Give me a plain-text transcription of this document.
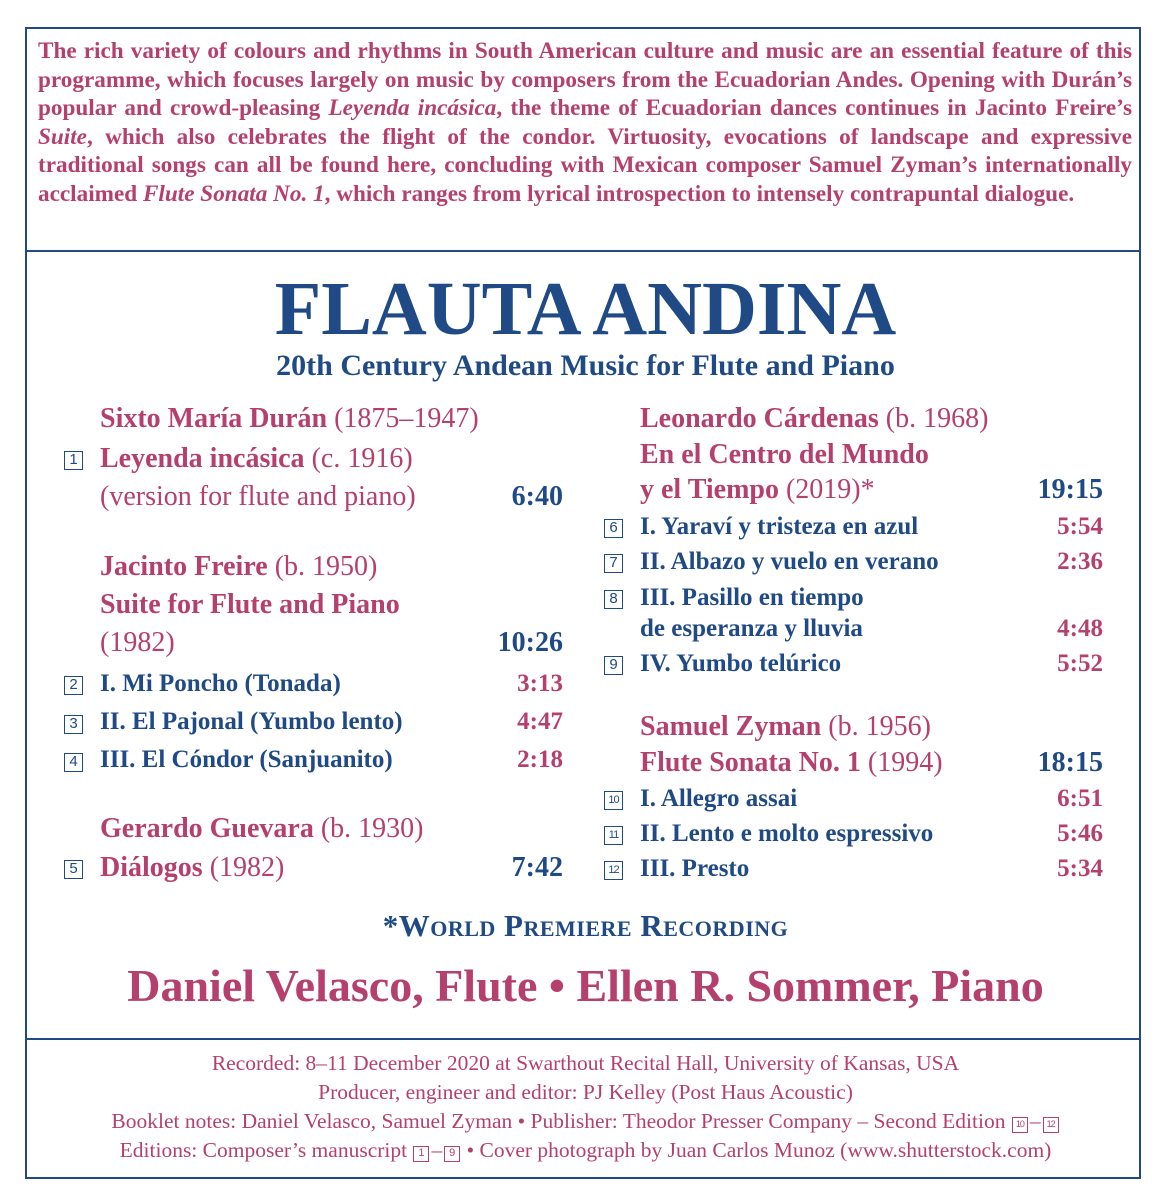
The rich variety of colours and rhythms in South American culture and music are an essential feature of this programme, which focuses largely on music by composers from the Ecuadorian Andes. Opening with Durán’s popular and crowd-pleasing Leyenda incásica, the theme of Ecuadorian dances continues in Jacinto Freire’s Suite, which also celebrates the flight of the condor. Virtuosity, evocations of landscape and expressive traditional songs can all be found here, concluding with Mexican composer Samuel Zyman’s internationally acclaimed Flute Sonata No. 1, which ranges from lyrical introspection to intensely contrapuntal dialogue.

FLAUTA ANDINA
20th Century Andean Music for Flute and Piano
Sixto María Durán (1875–1947)
1 Leyenda incásica (c. 1916)
(version for flute and piano)	6:40
Jacinto Freire (b. 1950)
Suite for Flute and Piano
(1982)	10:26
2 I. Mi Poncho (Tonada)	3:13
3 II. El Pajonal (Yumbo lento)	4:47
4 III. El Cóndor (Sanjuanito)	2:18
Gerardo Guevara (b. 1930)
5 Diálogos (1982)	7:42
Leonardo Cárdenas (b. 1968)
En el Centro del Mundo
y el Tiempo (2019)*	19:15
6 I. Yaraví y tristeza en azul	5:54
7 II. Albazo y vuelo en verano	2:36
8 III. Pasillo en tiempo
de esperanza y lluvia	4:48
9 IV. Yumbo telúrico	5:52
Samuel Zyman (b. 1956)
Flute Sonata No. 1 (1994)	18:15
10 I. Allegro assai	6:51
11 II. Lento e molto espressivo	5:46
12 III. Presto	5:34
*World Premiere Recording
Daniel Velasco, Flute • Ellen R. Sommer, Piano
Recorded: 8–11 December 2020 at Swarthout Recital Hall, University of Kansas, USA
Producer, engineer and editor: PJ Kelley (Post Haus Acoustic)
Booklet notes: Daniel Velasco, Samuel Zyman • Publisher: Theodor Presser Company – Second Edition 10 – 12
Editions: Composer’s manuscript 1 – 9 • Cover photograph by Juan Carlos Munoz (www.shutterstock.com)
